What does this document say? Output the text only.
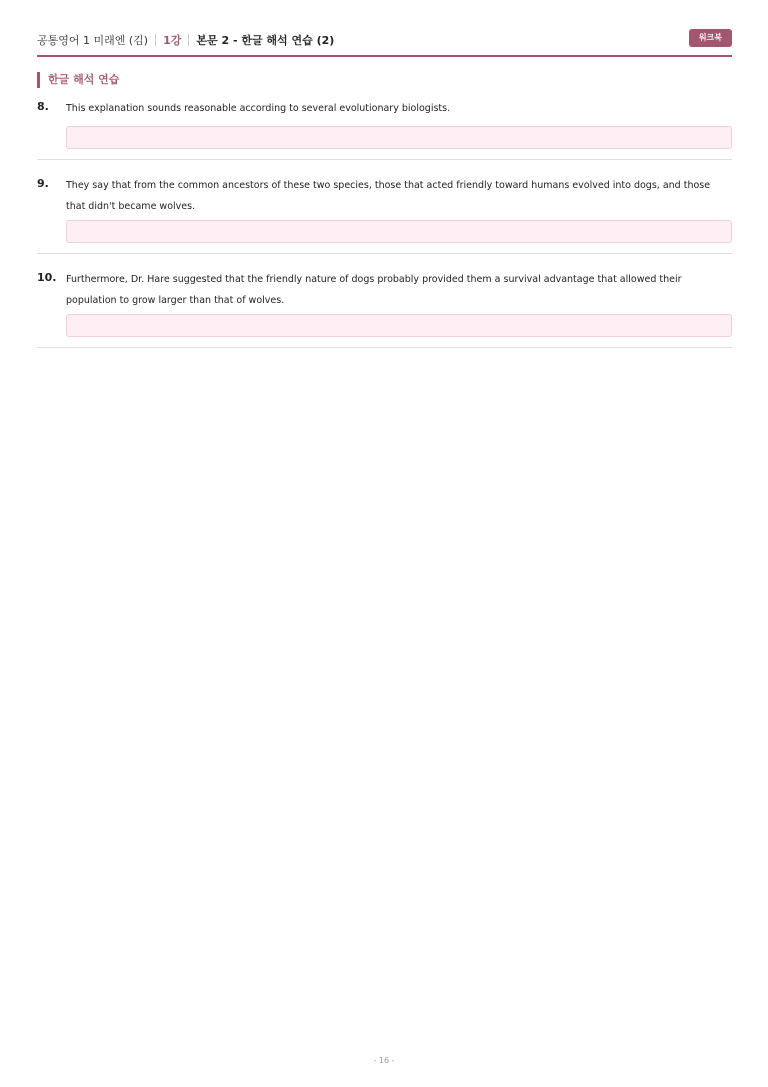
공통영어 1 미래엔 (김) 1강 본문 2 - 한글 해석 연습 (2)	워크북
한글 해석 연습
8. This explanation sounds reasonable according to several evolutionary biologists.
9. They say that from the common ancestors of these two species, those that acted friendly toward humans evolved into dogs, and those that didn't became wolves.
10. Furthermore, Dr. Hare suggested that the friendly nature of dogs probably provided them a survival advantage that allowed their population to grow larger than that of wolves.
- 16 -
